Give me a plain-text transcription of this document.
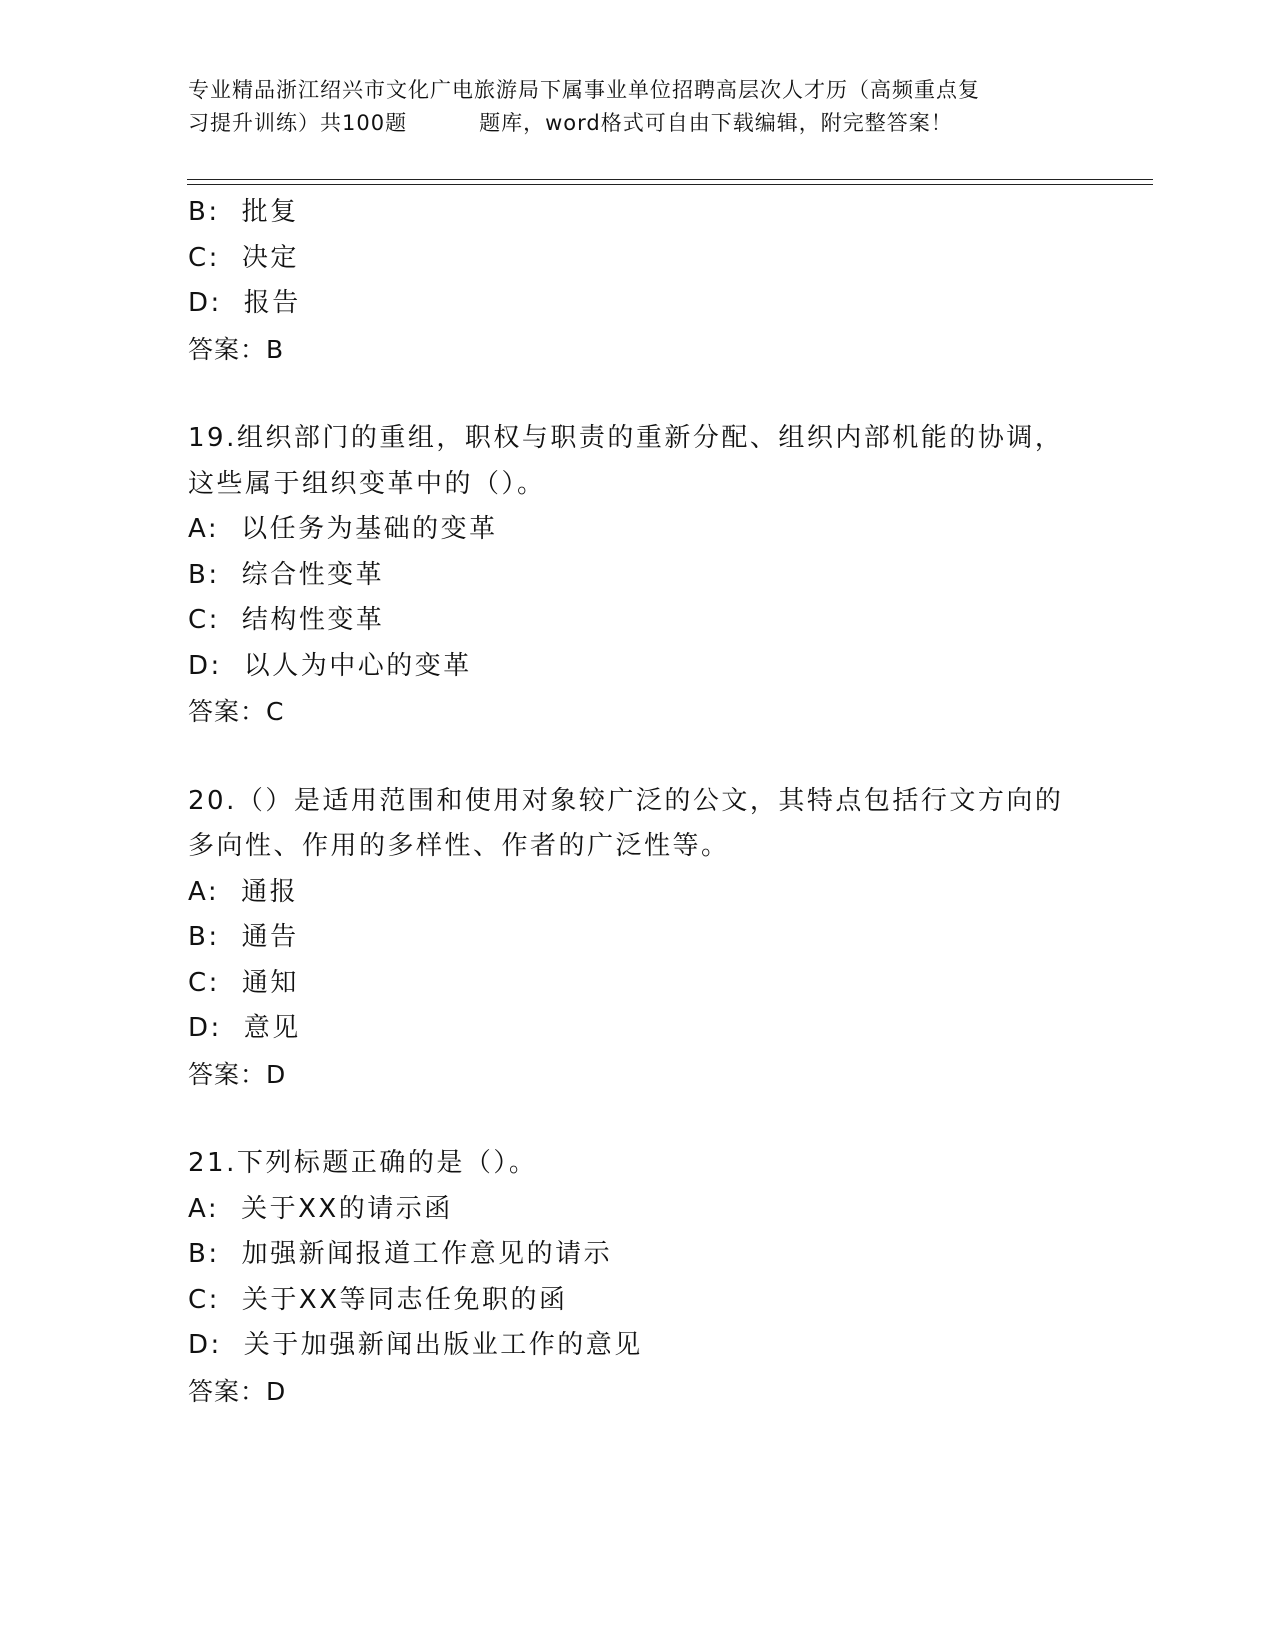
专业精品浙江绍兴市文化广电旅游局下属事业单位招聘高层次人才历（高频重点复
习提升训练）共100题	题库，word格式可自由下载编辑，附完整答案！
B: 批复
C: 决定
D: 报告
答案：B
19.组织部门的重组，职权与职责的重新分配、组织内部机能的协调，
这些属于组织变革中的（）。
A: 以任务为基础的变革
B: 综合性变革
C: 结构性变革
D: 以人为中心的变革
答案：C
20.（）是适用范围和使用对象较广泛的公文，其特点包括行文方向的
多向性、作用的多样性、作者的广泛性等。
A: 通报
B: 通告
C: 通知
D: 意见
答案：D
21.下列标题正确的是（）。
A: 关于XX的请示函
B: 加强新闻报道工作意见的请示
C: 关于XX等同志任免职的函
D: 关于加强新闻出版业工作的意见
答案：D
